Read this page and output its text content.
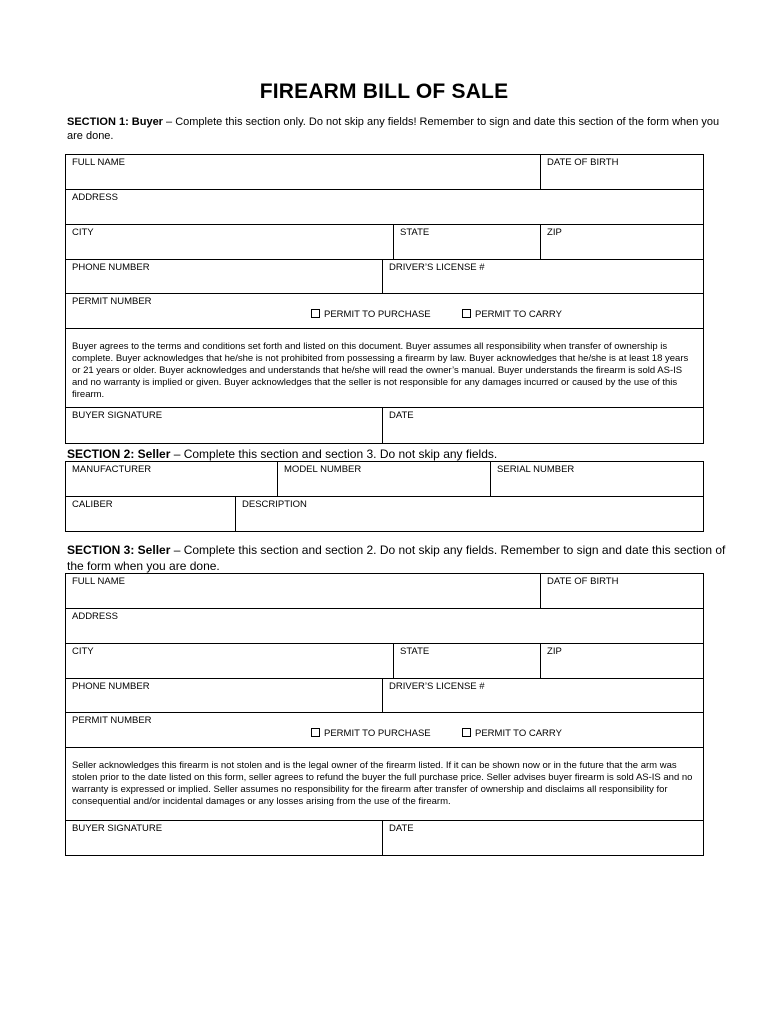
FIREARM BILL OF SALE
SECTION 1: Buyer – Complete this section only. Do not skip any fields! Remember to sign and date this section of the form when you are done.
FULL NAME			DATE OF BIRTH

ADDRESS			

CITY		STATE	ZIP

PHONE NUMBER	DRIVER’S LICENSE #		

PERMIT NUMBER
PERMIT TO PURCHASE PERMIT TO CARRY			

Buyer agrees to the terms and conditions set forth and listed on this document. Buyer assumes all responsibility when transfer of ownership is complete. Buyer acknowledges that he/she is not prohibited from possessing a firearm by law. Buyer acknowledges that he/she is at least 18 years or 21 years or older. Buyer acknowledges and understands that he/she will read the owner’s manual. Buyer understands the firearm is sold AS-IS and no warranty is implied or given. Buyer acknowledges that the seller is not responsible for any damages incurred or caused by the use of this firearm.			

BUYER SIGNATURE	DATE		
SECTION 2: Seller – Complete this section and section 3. Do not skip any fields.
MANUFACTURER		MODEL NUMBER	SERIAL NUMBER

CALIBER	DESCRIPTION		
SECTION 3: Seller – Complete this section and section 2. Do not skip any fields. Remember to sign and date this section of the form when you are done.
FULL NAME			DATE OF BIRTH

ADDRESS			

CITY		STATE	ZIP

PHONE NUMBER	DRIVER’S LICENSE #		

PERMIT NUMBER
PERMIT TO PURCHASE PERMIT TO CARRY			

Seller acknowledges this firearm is not stolen and is the legal owner of the firearm listed. If it can be shown now or in the future that the arm was stolen prior to the date listed on this form, seller agrees to refund the buyer the full purchase price. Seller advises buyer firearm is sold AS-IS and no warranty is expressed or implied. Seller assumes no responsibility for the firearm after transfer of ownership and disclaims all responsibility for consequential and/or incidental damages or any losses arising from the use of the firearm.			

BUYER SIGNATURE	DATE		
